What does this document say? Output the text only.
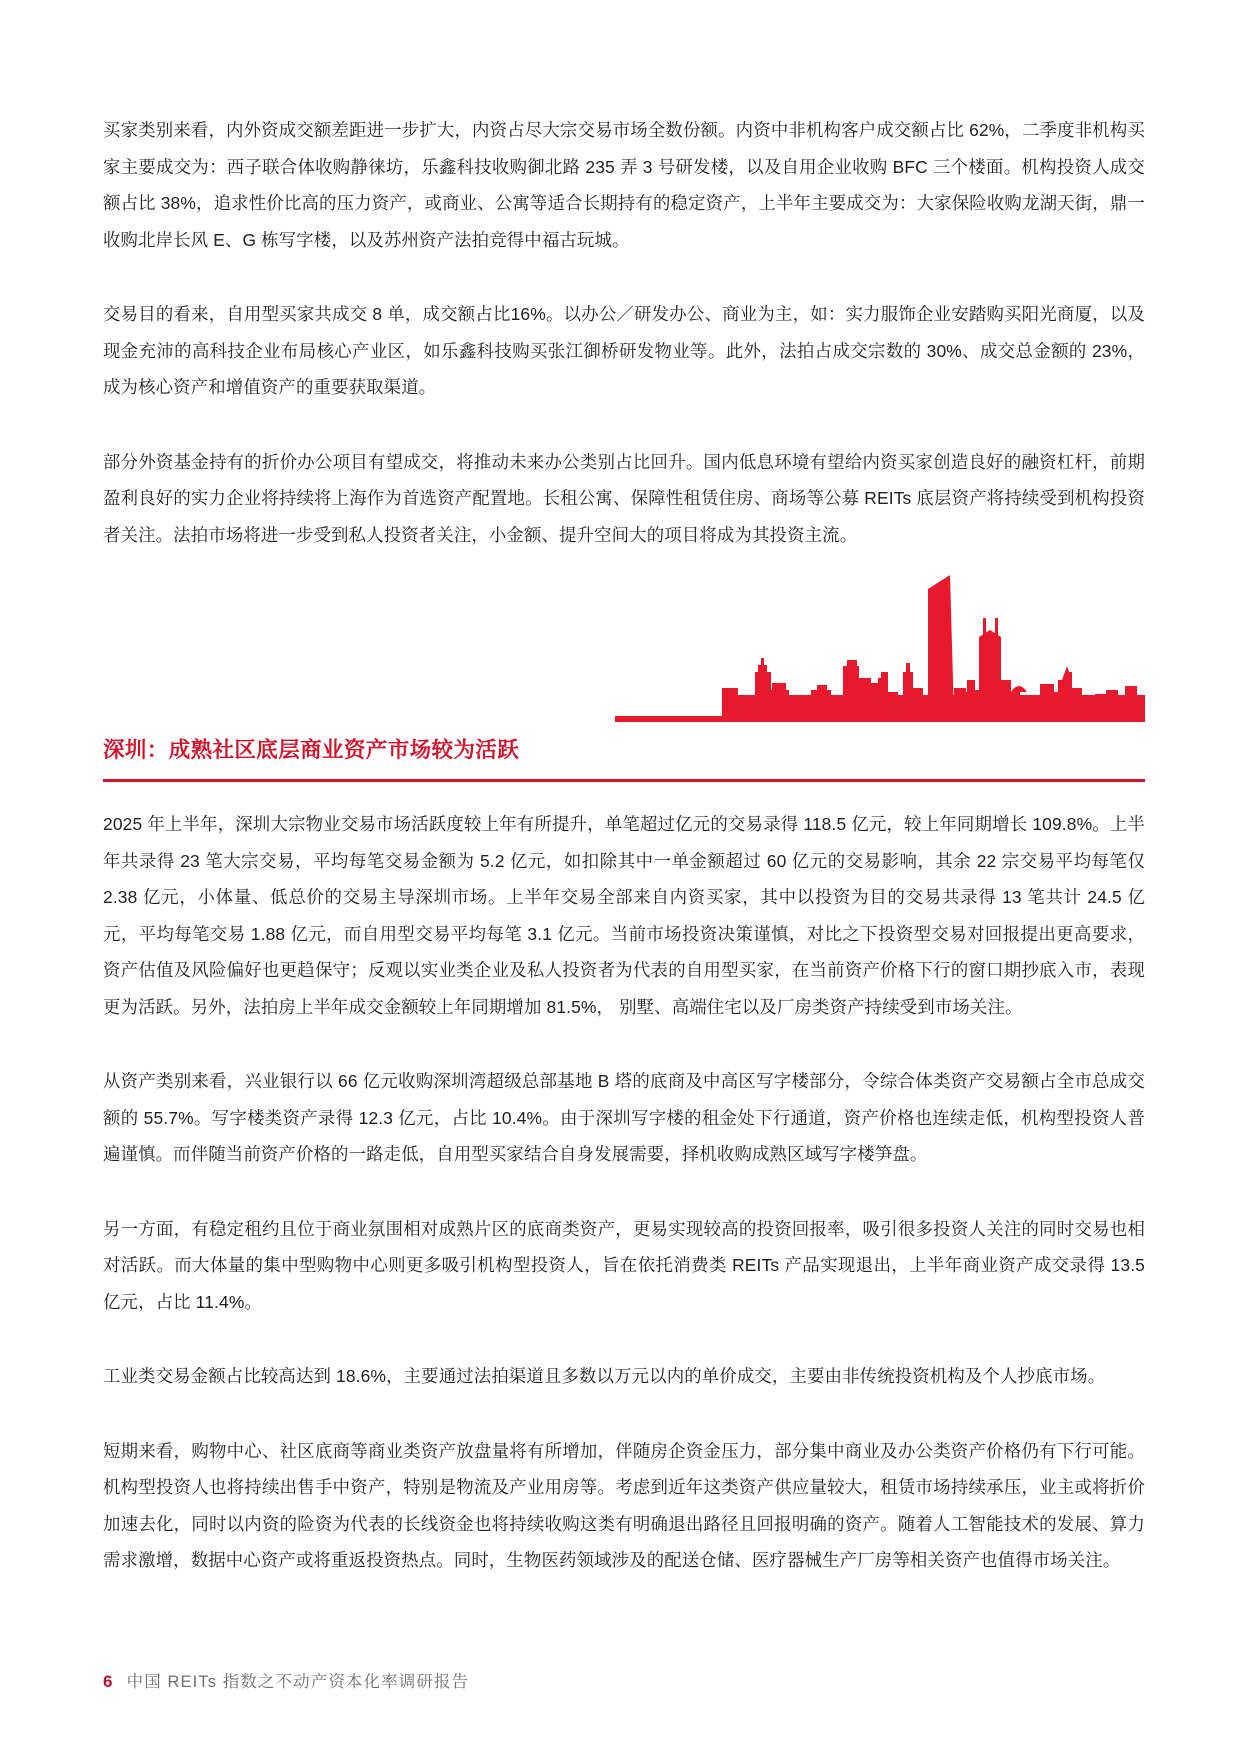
买家类别来看，内外资成交额差距进一步扩大，内资占尽大宗交易市场全数份额。内资中非机构客户成交额占比 62%，二季度非机构买家主要成交为：西子联合体收购静徕坊，乐鑫科技收购御北路 235 弄 3 号研发楼，以及自用企业收购 BFC 三个楼面。机构投资人成交额占比 38%，追求性价比高的压力资产，或商业、公寓等适合长期持有的稳定资产，上半年主要成交为：大家保险收购龙湖天街，鼎一收购北岸长风 E、G 栋写字楼，以及苏州资产法拍竞得中福古玩城。

交易目的看来，自用型买家共成交 8 单，成交额占比16%。以办公／研发办公、商业为主，如：实力服饰企业安踏购买阳光商厦，以及现金充沛的高科技企业布局核心产业区，如乐鑫科技购买张江御桥研发物业等。此外，法拍占成交宗数的 30%、成交总金额的 23%，成为核心资产和增值资产的重要获取渠道。

部分外资基金持有的折价办公项目有望成交，将推动未来办公类别占比回升。国内低息环境有望给内资买家创造良好的融资杠杆，前期盈利良好的实力企业将持续将上海作为首选资产配置地。长租公寓、保障性租赁住房、商场等公募 REITs 底层资产将持续受到机构投资者关注。法拍市场将进一步受到私人投资者关注，小金额、提升空间大的项目将成为其投资主流。

深圳：成熟社区底层商业资产市场较为活跃

2025 年上半年，深圳大宗物业交易市场活跃度较上年有所提升，单笔超过亿元的交易录得 118.5 亿元，较上年同期增长 109.8%。上半年共录得 23 笔大宗交易，平均每笔交易金额为 5.2 亿元，如扣除其中一单金额超过 60 亿元的交易影响，其余 22 宗交易平均每笔仅 2.38 亿元，小体量、低总价的交易主导深圳市场。上半年交易全部来自内资买家，其中以投资为目的交易共录得 13 笔共计 24.5 亿元，平均每笔交易 1.88 亿元，而自用型交易平均每笔 3.1 亿元。当前市场投资决策谨慎，对比之下投资型交易对回报提出更高要求，资产估值及风险偏好也更趋保守；反观以实业类企业及私人投资者为代表的自用型买家，在当前资产价格下行的窗口期抄底入市，表现更为活跃。另外，法拍房上半年成交金额较上年同期增加 81.5%， 别墅、高端住宅以及厂房类资产持续受到市场关注。

从资产类别来看，兴业银行以 66 亿元收购深圳湾超级总部基地 B 塔的底商及中高区写字楼部分，令综合体类资产交易额占全市总成交额的 55.7%。写字楼类资产录得 12.3 亿元，占比 10.4%。由于深圳写字楼的租金处下行通道，资产价格也连续走低，机构型投资人普遍谨慎。而伴随当前资产价格的一路走低，自用型买家结合自身发展需要，择机收购成熟区域写字楼笋盘。

另一方面，有稳定租约且位于商业氛围相对成熟片区的底商类资产，更易实现较高的投资回报率，吸引很多投资人关注的同时交易也相对活跃。而大体量的集中型购物中心则更多吸引机构型投资人，旨在依托消费类 REITs 产品实现退出，上半年商业资产成交录得 13.5 亿元，占比 11.4%。

工业类交易金额占比较高达到 18.6%，主要通过法拍渠道且多数以万元以内的单价成交，主要由非传统投资机构及个人抄底市场。

短期来看，购物中心、社区底商等商业类资产放盘量将有所增加，伴随房企资金压力，部分集中商业及办公类资产价格仍有下行可能。机构型投资人也将持续出售手中资产，特别是物流及产业用房等。考虑到近年这类资产供应量较大，租赁市场持续承压，业主或将折价加速去化，同时以内资的险资为代表的长线资金也将持续收购这类有明确退出路径且回报明确的资产。随着人工智能技术的发展、算力需求激增，数据中心资产或将重返投资热点。同时，生物医药领域涉及的配送仓储、医疗器械生产厂房等相关资产也值得市场关注。

6 中国 REITs 指数之不动产资本化率调研报告
